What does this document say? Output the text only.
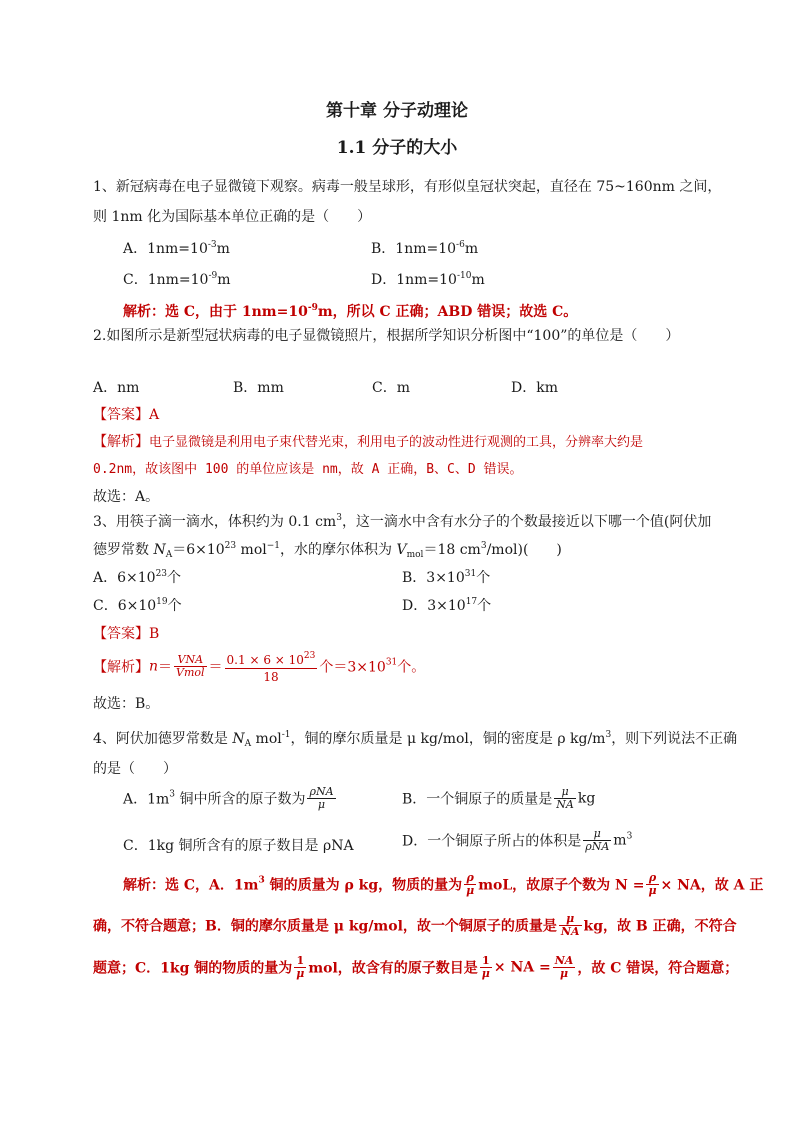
第十章 分子动理论
1.1 分子的大小
1、新冠病毒在电子显微镜下观察。病毒一般呈球形，有形似皇冠状突起，直径在 75~160nm 之间，
则 1nm 化为国际基本单位正确的是（　　）
A．$1nm=10^{-3}m$	B．$1nm=10^{-6}m$
C．$1nm=10^{-9}m$	D．$1nm=10^{-10}m$
解析：选 C，由于 $1nm=10^{-9}m$，所以 C 正确；ABD 错误；故选 C。
2.如图所示是新型冠状病毒的电子显微镜照片，根据所学知识分析图中“100”的单位是（　　）
A．nm	B．mm	C．m	D．km
【答案】A
【解析】电子显微镜是利用电子束代替光束，利用电子的波动性进行观测的工具，分辨率大约是
0.2nm，故该图中 100 的单位应该是 nm，故 A 正确，B、C、D 错误。
故选：A。
3、用筷子滴一滴水，体积约为 0.1 $cm^3$，这一滴水中含有水分子的个数最接近以下哪一个值(阿伏加
德罗常数 $N_A=6\times 10^{23}$ mol$^{-1}$，水的摩尔体积为 $V_{mol}=18$ $cm^3/mol$)(　　)
A．$6\times 10^{23}$个	B．$3\times 10^{31}$个
C．$6\times 10^{19}$个	D．$3\times 10^{17}$个
【答案】B
【解析】$n= \frac{\text{VNA}}{\text{Vmol}} = \frac{0.1 \times 6 \times 10^{23}}{18}$ 个$=3\times 10^{31}$个。
故选：B。
4、阿伏加德罗常数是 $N_A$ mol$^{-1}$，铜的摩尔质量是 μ kg/mol，铜的密度是 ρ $kg/m^3$，则下列说法不正确
的是（　　）
A．$1m^3$ 铜中所含的原子数为 $\frac{\text{ρNA}}{\mu}$	B．一个铜原子的质量是 $\frac{\mu}{NA}$ kg
C．1kg 铜所含有的原子数目是 ρNA	D．一个铜原子所占的体积是 $\frac{\mu}{\text{ρNA}} m^3$
解析：选 C，A．$1m^3$ 铜的质量为 ρ kg，物质的量为 $\frac{\rho}{\mu}$ moL，故原子个数为 $N = \frac{\rho}{\mu}$ × NA，故 A 正
确，不符合题意；B．铜的摩尔质量是 μ kg/mol，故一个铜原子的质量是 $\frac{\mu}{NA}$ kg，故 B 正确，不符合
题意；C．1kg 铜的物质的量为 $\frac{1}{\mu}$ mol，故含有的原子数目是 $\frac{1}{\mu}$ × NA = $\frac{NA}{\mu}$ ，故 C 错误，符合题意；
